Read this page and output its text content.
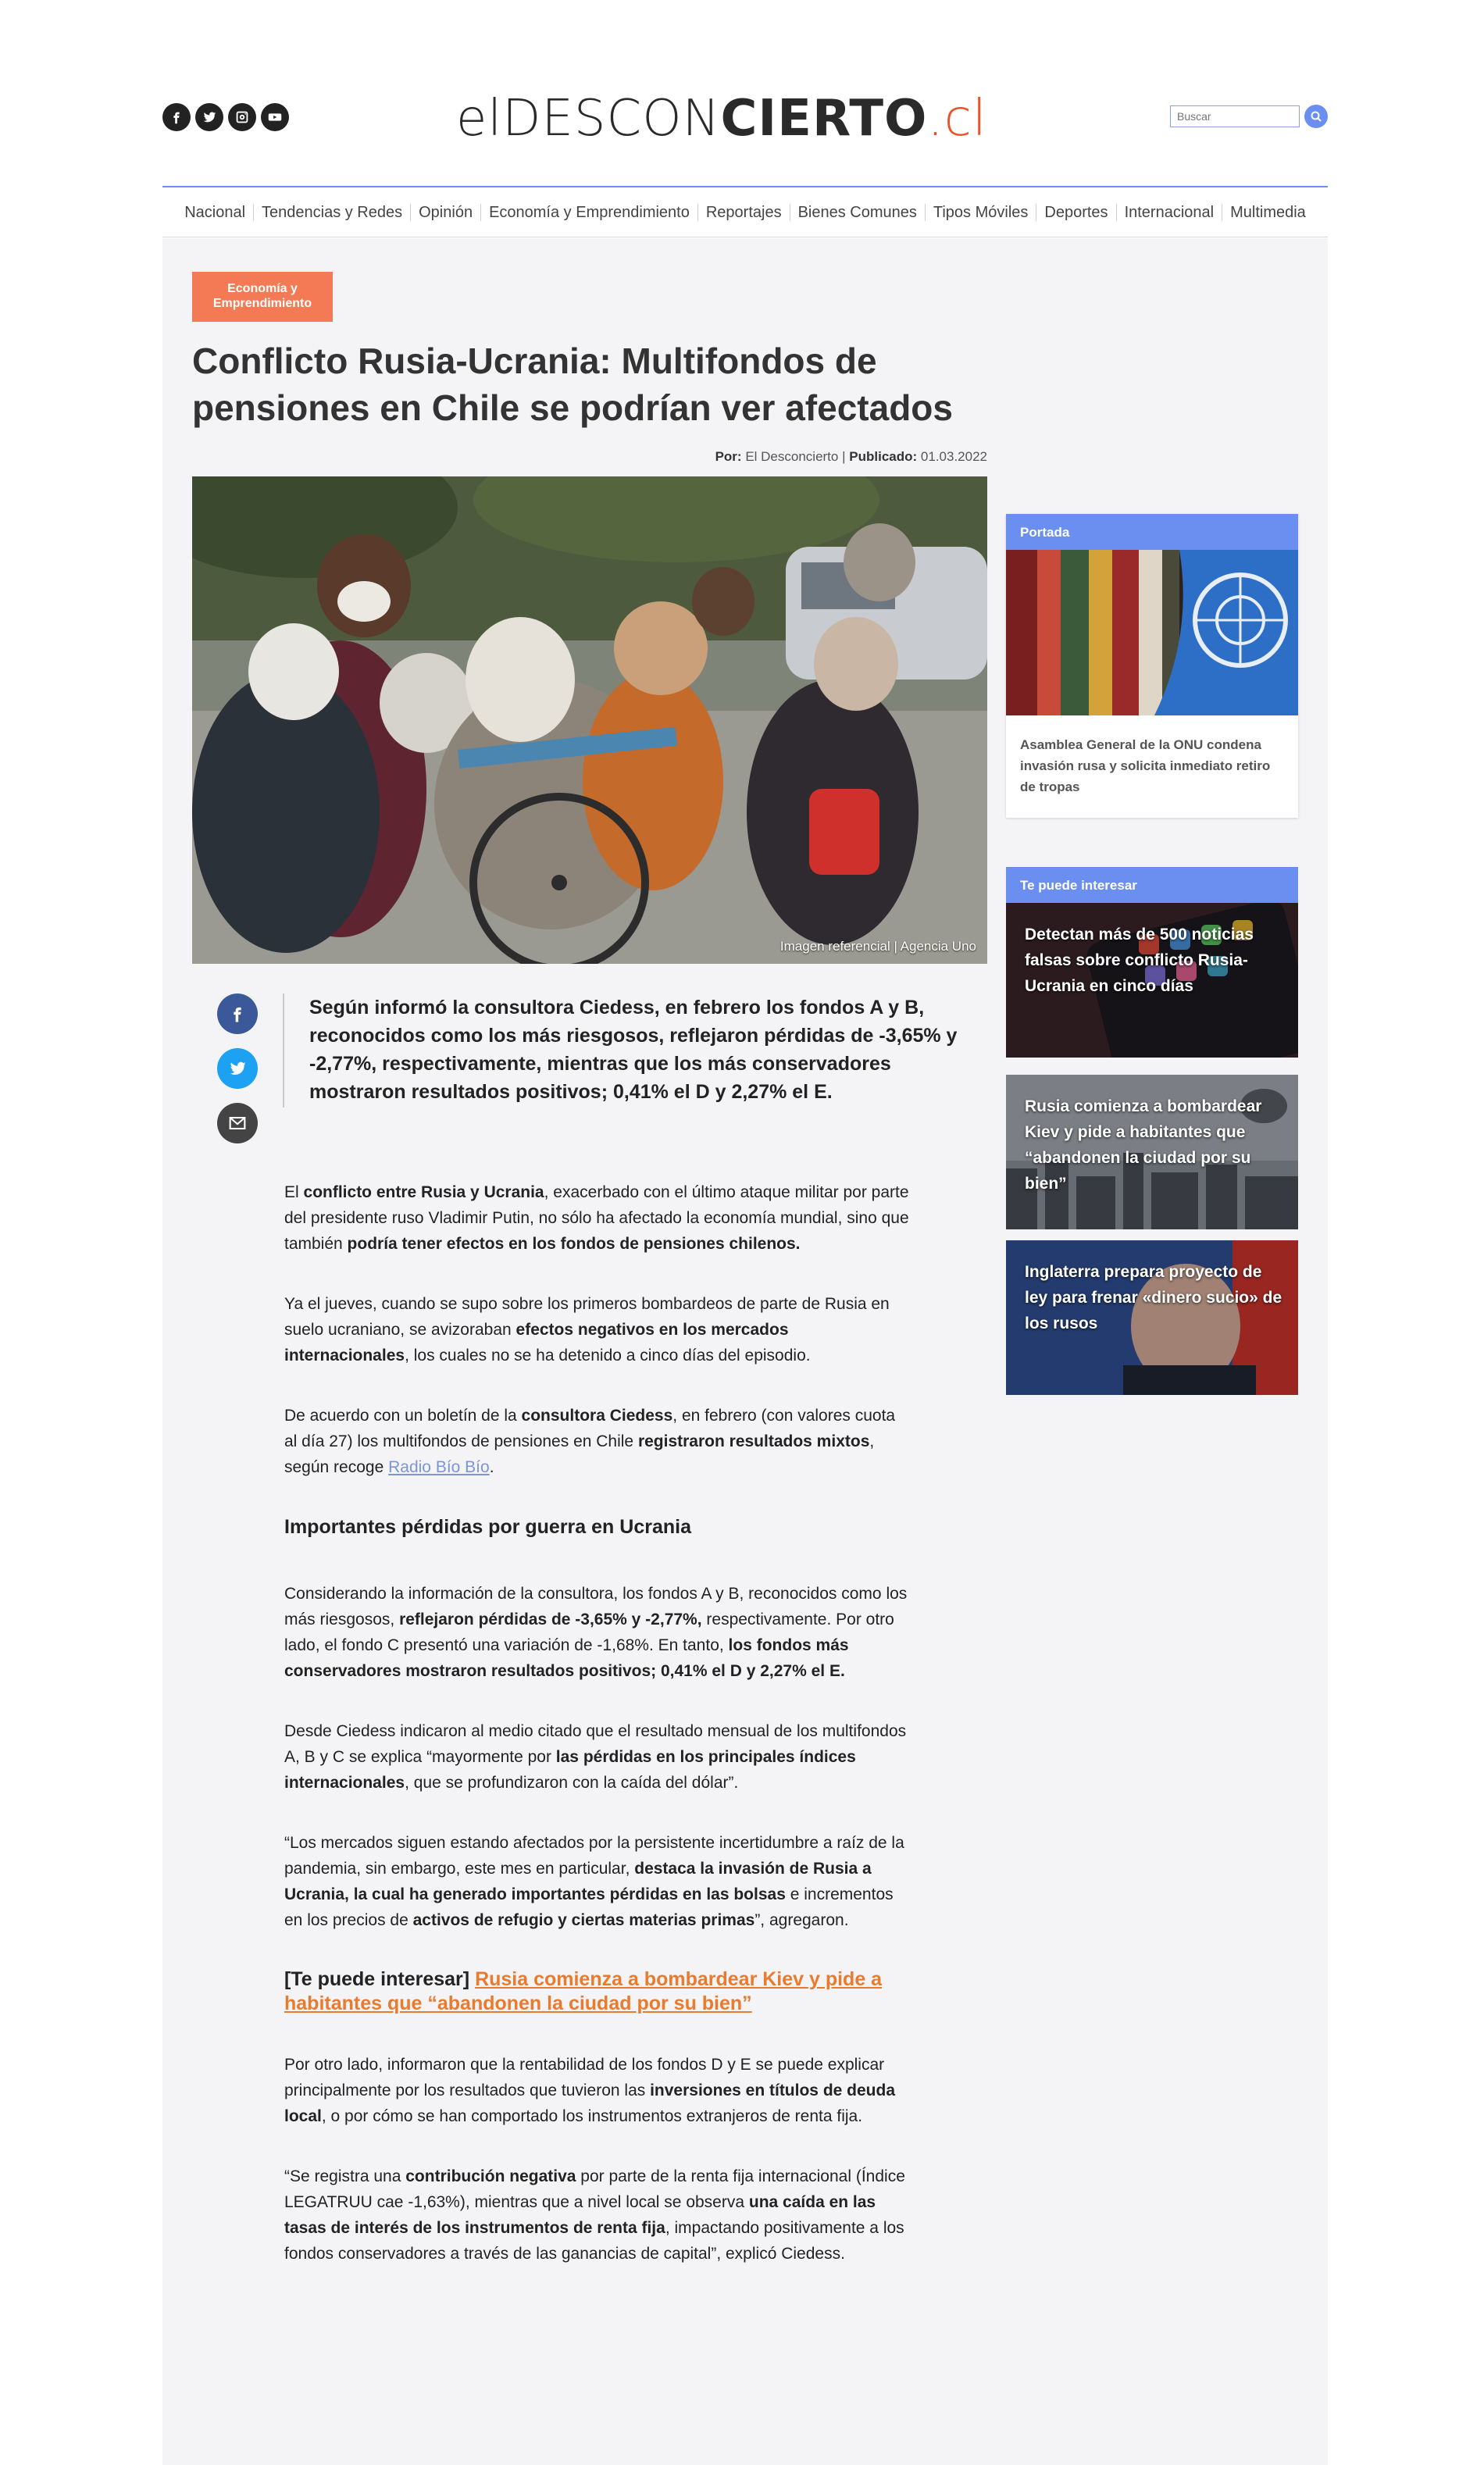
elDESCONCIERTO.cl
Buscar
Nacional	Tendencias y Redes	Opinión	Economía y Emprendimiento	Reportajes	Bienes Comunes	Tipos Móviles	Deportes	Internacional	Multimedia
Economía y
Emprendimiento
Conflicto Rusia-Ucrania: Multifondos de pensiones en Chile se podrían ver afectados
Por: El Desconcierto | Publicado: 01.03.2022
Imagen referencial | Agencia Uno

Según informó la consultora Ciedess, en febrero los fondos A y B, reconocidos como los más riesgosos, reflejaron pérdidas de -3,65% y -2,77%, respectivamente, mientras que los más conservadores mostraron resultados positivos; 0,41% el D y 2,27% el E.

El conflicto entre Rusia y Ucrania, exacerbado con el último ataque militar por parte del presidente ruso Vladimir Putin, no sólo ha afectado la economía mundial, sino que también podría tener efectos en los fondos de pensiones chilenos.

Ya el jueves, cuando se supo sobre los primeros bombardeos de parte de Rusia en suelo ucraniano, se avizoraban efectos negativos en los mercados internacionales, los cuales no se ha detenido a cinco días del episodio.

De acuerdo con un boletín de la consultora Ciedess, en febrero (con valores cuota al día 27) los multifondos de pensiones en Chile registraron resultados mixtos, según recoge Radio Bío Bío.

Importantes pérdidas por guerra en Ucrania

Considerando la información de la consultora, los fondos A y B, reconocidos como los más riesgosos, reflejaron pérdidas de -3,65% y -2,77%, respectivamente. Por otro lado, el fondo C presentó una variación de -1,68%. En tanto, los fondos más conservadores mostraron resultados positivos; 0,41% el D y 2,27% el E.

Desde Ciedess indicaron al medio citado que el resultado mensual de los multifondos A, B y C se explica “mayormente por las pérdidas en los principales índices internacionales, que se profundizaron con la caída del dólar”.

“Los mercados siguen estando afectados por la persistente incertidumbre a raíz de la pandemia, sin embargo, este mes en particular, destaca la invasión de Rusia a Ucrania, la cual ha generado importantes pérdidas en las bolsas e incrementos en los precios de activos de refugio y ciertas materias primas”, agregaron.

[Te puede interesar] Rusia comienza a bombardear Kiev y pide a habitantes que “abandonen la ciudad por su bien”

Por otro lado, informaron que la rentabilidad de los fondos D y E se puede explicar principalmente por los resultados que tuvieron las inversiones en títulos de deuda local, o por cómo se han comportado los instrumentos extranjeros de renta fija.

“Se registra una contribución negativa por parte de la renta fija internacional (Índice LEGATRUU cae -1,63%), mientras que a nivel local se observa una caída en las tasas de interés de los instrumentos de renta fija, impactando positivamente a los fondos conservadores a través de las ganancias de capital”, explicó Ciedess.

Portada
Asamblea General de la ONU condena invasión rusa y solicita inmediato retiro de tropas
Te puede interesar
Detectan más de 500 noticias falsas sobre conflicto Rusia-Ucrania en cinco días
Rusia comienza a bombardear Kiev y pide a habitantes que “abandonen la ciudad por su bien”
Inglaterra prepara proyecto de ley para frenar «dinero sucio» de los rusos
